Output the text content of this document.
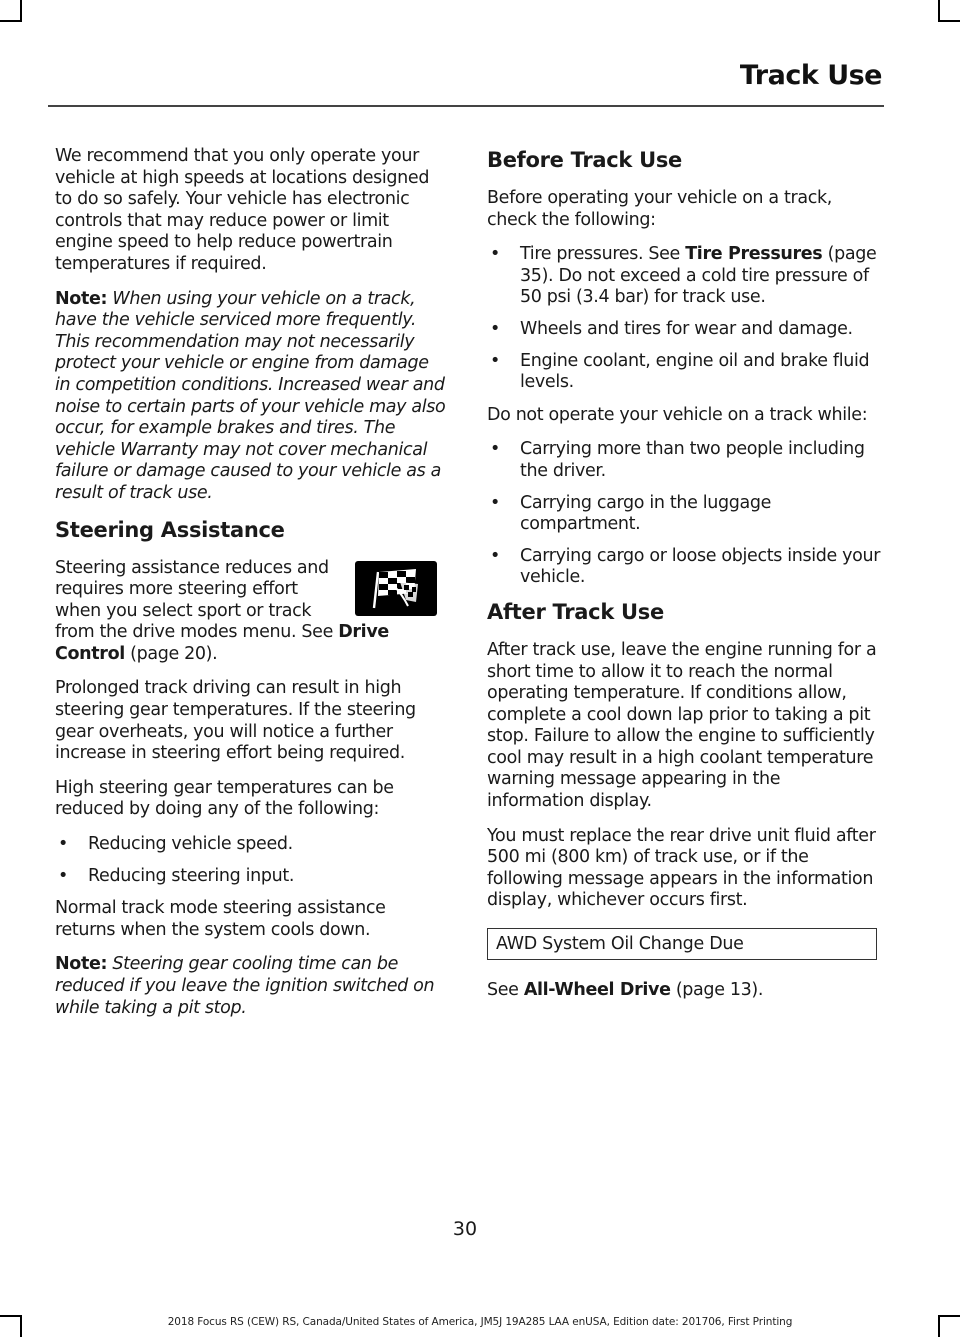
Track Use

We recommend that you only operate your vehicle at high speeds at locations designed to do so safely. Your vehicle has electronic controls that may reduce power or limit engine speed to help reduce powertrain temperatures if required.

Note: When using your vehicle on a track, have the vehicle serviced more frequently. This recommendation may not necessarily protect your vehicle or engine from damage in competition conditions. Increased wear and noise to certain parts of your vehicle may also occur, for example brakes and tires. The vehicle Warranty may not cover mechanical failure or damage caused to your vehicle as a result of track use.

Steering Assistance

Steering assistance reduces and requires more steering effort when you select sport or track from the drive modes menu. See Drive Control (page 20).

Prolonged track driving can result in high steering gear temperatures. If the steering gear overheats, you will notice a further increase in steering effort being required.

High steering gear temperatures can be reduced by doing any of the following:

• Reducing vehicle speed.
• Reducing steering input.

Normal track mode steering assistance returns when the system cools down.

Note: Steering gear cooling time can be reduced if you leave the ignition switched on while taking a pit stop.

Before Track Use

Before operating your vehicle on a track, check the following:

• Tire pressures. See Tire Pressures (page 35). Do not exceed a cold tire pressure of 50 psi (3.4 bar) for track use.
• Wheels and tires for wear and damage.
• Engine coolant, engine oil and brake fluid levels.

Do not operate your vehicle on a track while:

• Carrying more than two people including the driver.
• Carrying cargo in the luggage compartment.
• Carrying cargo or loose objects inside your vehicle.
After Track Use

After track use, leave the engine running for a short time to allow it to reach the normal operating temperature. If conditions allow, complete a cool down lap prior to taking a pit stop. Failure to allow the engine to sufficiently cool may result in a high coolant temperature warning message appearing in the information display.

You must replace the rear drive unit fluid after 500 mi (800 km) of track use, or if the following message appears in the information display, whichever occurs first.

AWD System Oil Change Due

See All-Wheel Drive (page 13).

30
2018 Focus RS (CEW) RS, Canada/United States of America, JM5J 19A285 LAA enUSA, Edition date: 201706, First Printing
